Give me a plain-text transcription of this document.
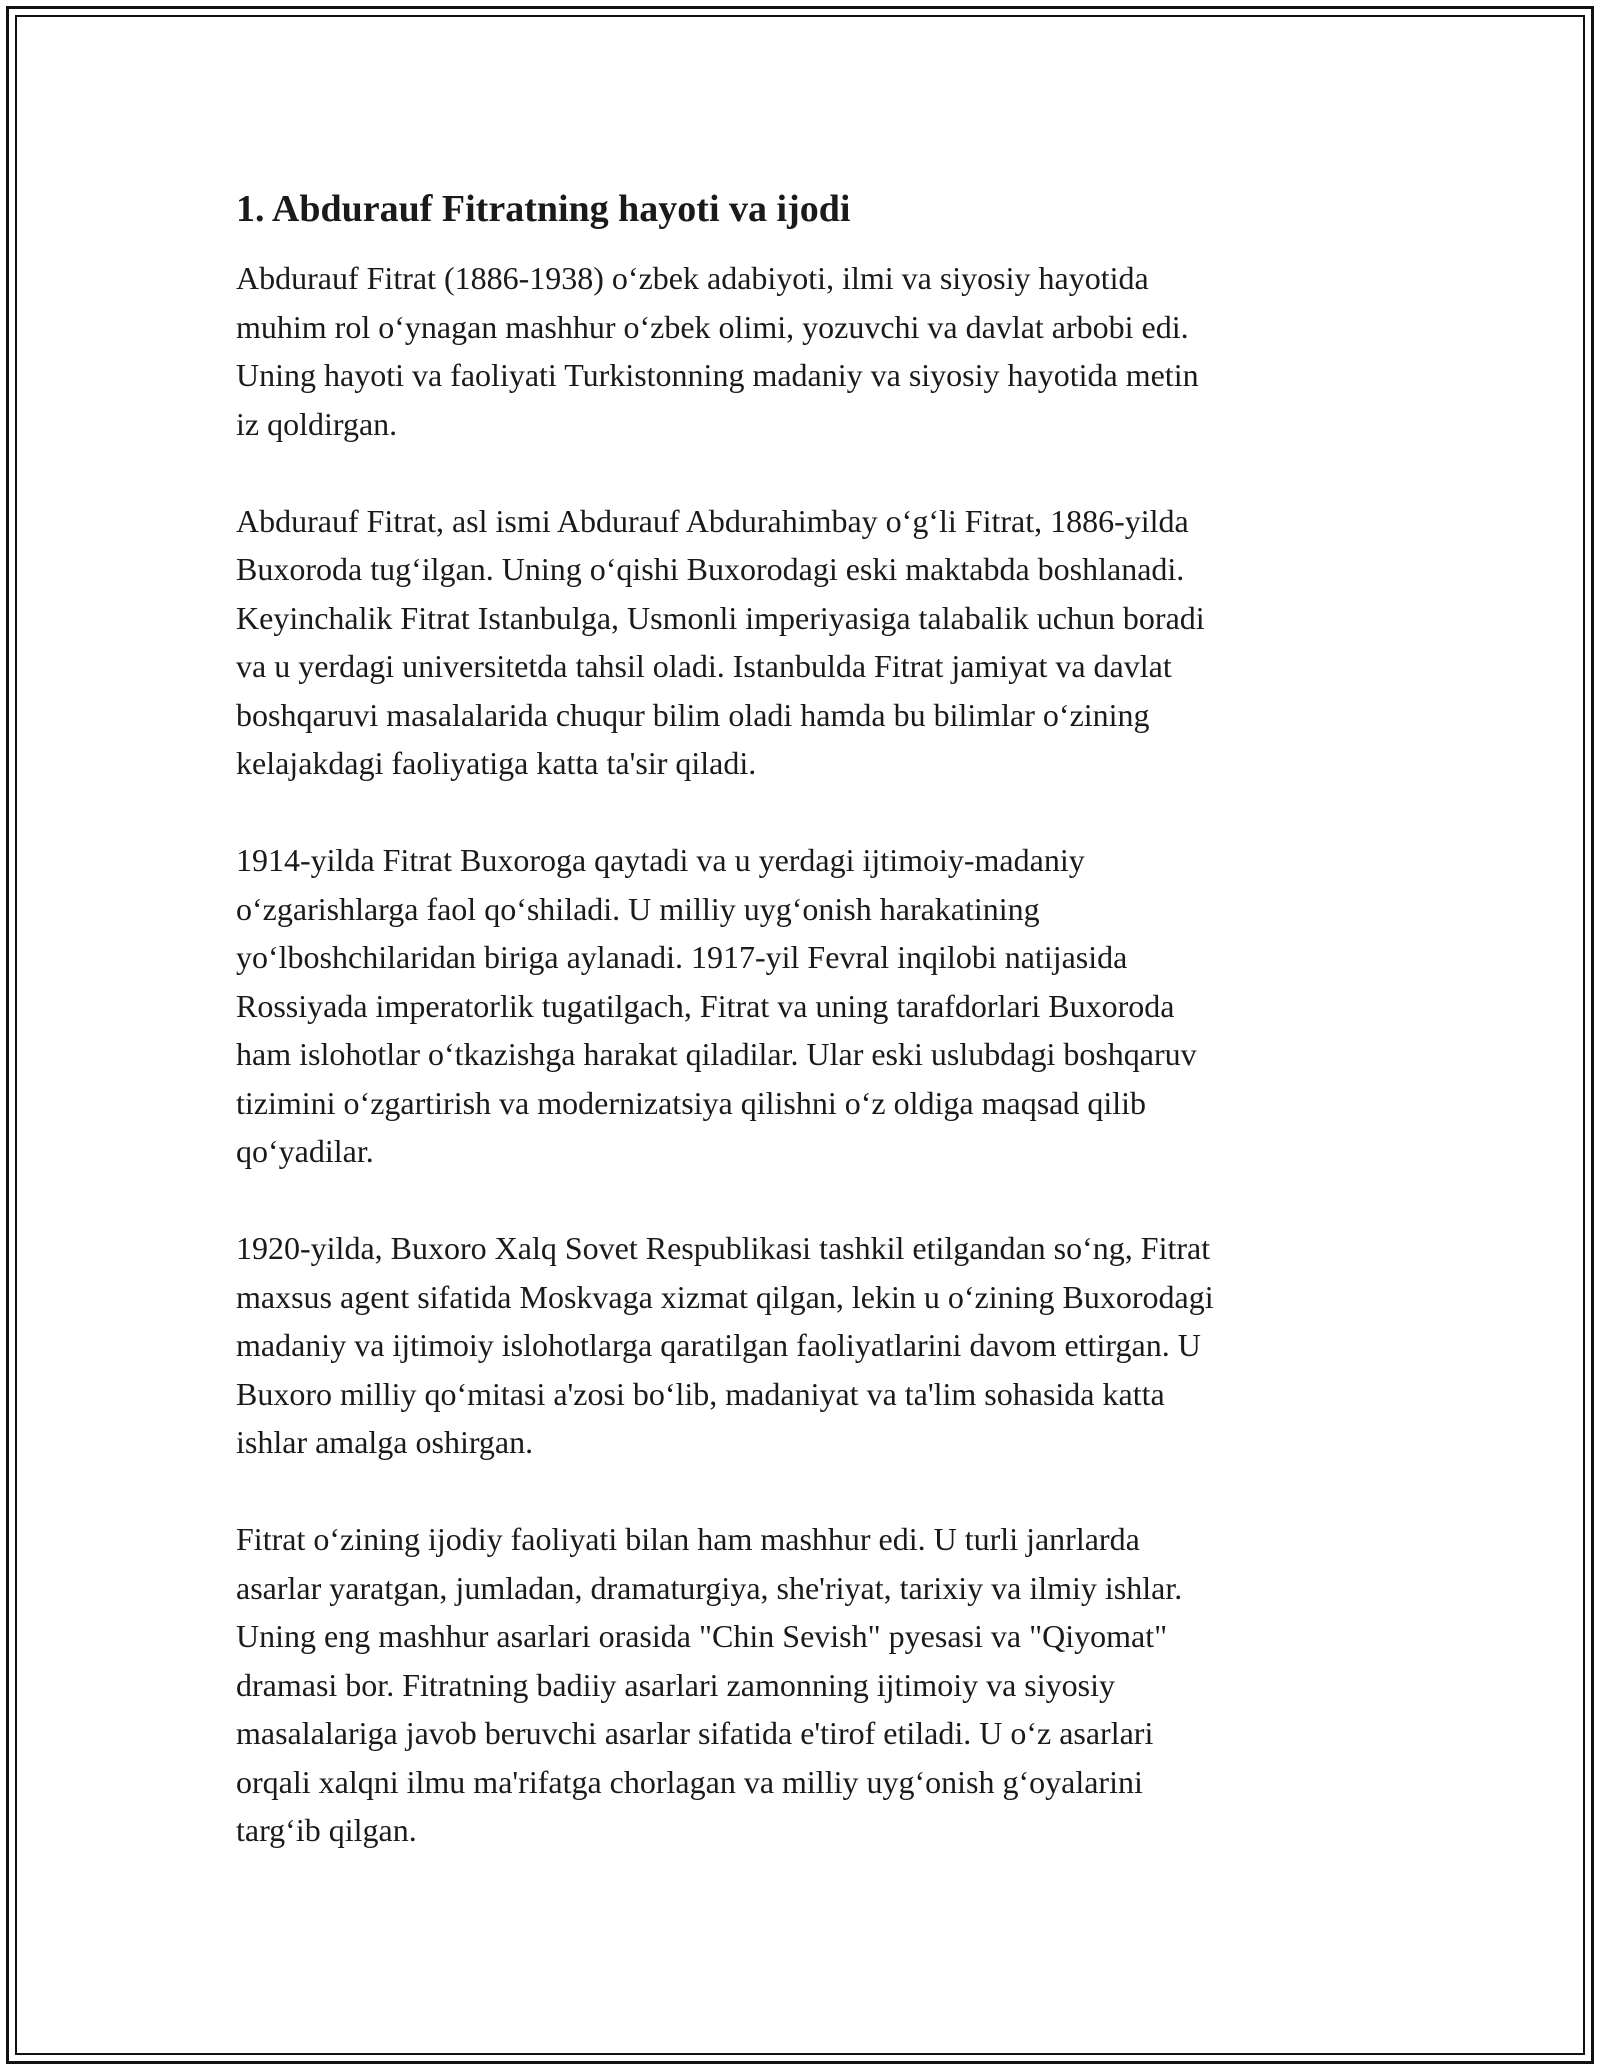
1. Abdurauf Fitratning hayoti va ijodi

Abdurauf Fitrat (1886-1938) o‘zbek adabiyoti, ilmi va siyosiy hayotida
muhim rol o‘ynagan mashhur o‘zbek olimi, yozuvchi va davlat arbobi edi.
Uning hayoti va faoliyati Turkistonning madaniy va siyosiy hayotida metin
iz qoldirgan.

Abdurauf Fitrat, asl ismi Abdurauf Abdurahimbay o‘g‘li Fitrat, 1886-yilda
Buxoroda tug‘ilgan. Uning o‘qishi Buxorodagi eski maktabda boshlanadi.
Keyinchalik Fitrat Istanbulga, Usmonli imperiyasiga talabalik uchun boradi
va u yerdagi universitetda tahsil oladi. Istanbulda Fitrat jamiyat va davlat
boshqaruvi masalalarida chuqur bilim oladi hamda bu bilimlar o‘zining
kelajakdagi faoliyatiga katta ta'sir qiladi.

1914-yilda Fitrat Buxoroga qaytadi va u yerdagi ijtimoiy-madaniy
o‘zgarishlarga faol qo‘shiladi. U milliy uyg‘onish harakatining
yo‘lboshchilaridan biriga aylanadi. 1917-yil Fevral inqilobi natijasida
Rossiyada imperatorlik tugatilgach, Fitrat va uning tarafdorlari Buxoroda
ham islohotlar o‘tkazishga harakat qiladilar. Ular eski uslubdagi boshqaruv
tizimini o‘zgartirish va modernizatsiya qilishni o‘z oldiga maqsad qilib
qo‘yadilar.

1920-yilda, Buxoro Xalq Sovet Respublikasi tashkil etilgandan so‘ng, Fitrat
maxsus agent sifatida Moskvaga xizmat qilgan, lekin u o‘zining Buxorodagi
madaniy va ijtimoiy islohotlarga qaratilgan faoliyatlarini davom ettirgan. U
Buxoro milliy qo‘mitasi a'zosi bo‘lib, madaniyat va ta'lim sohasida katta
ishlar amalga oshirgan.

Fitrat o‘zining ijodiy faoliyati bilan ham mashhur edi. U turli janrlarda
asarlar yaratgan, jumladan, dramaturgiya, she'riyat, tarixiy va ilmiy ishlar.
Uning eng mashhur asarlari orasida "Chin Sevish" pyesasi va "Qiyomat"
dramasi bor. Fitratning badiiy asarlari zamonning ijtimoiy va siyosiy
masalalariga javob beruvchi asarlar sifatida e'tirof etiladi. U o‘z asarlari
orqali xalqni ilmu ma'rifatga chorlagan va milliy uyg‘onish g‘oyalarini
targ‘ib qilgan.
